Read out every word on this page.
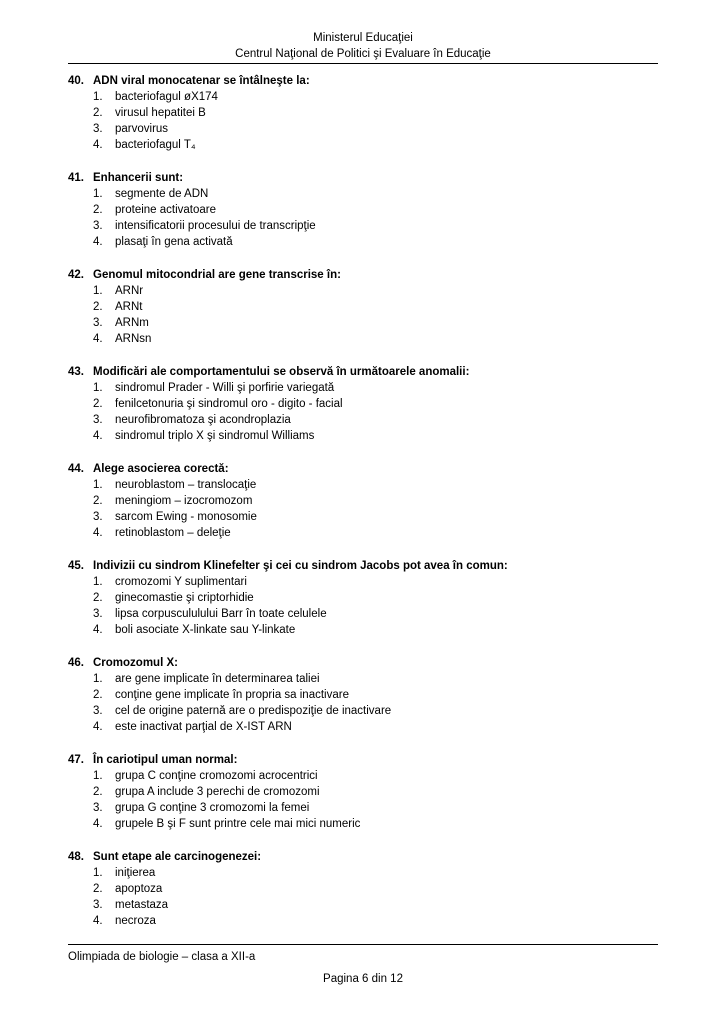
Ministerul Educaţiei
Centrul Naţional de Politici şi Evaluare în Educaţie
40. ADN viral monocatenar se întâlneşte la:
1.	bacteriofagul øX174
2.	virusul hepatitei B
3.	parvovirus
4.	bacteriofagul T₄
41. Enhancerii sunt:
1.	segmente de ADN
2.	proteine activatoare
3.	intensificatorii procesului de transcripţie
4.	plasaţi în gena activată
42. Genomul mitocondrial are gene transcrise în:
1.	ARNr
2.	ARNt
3.	ARNm
4.	ARNsn
43. Modificări ale comportamentului se observă în următoarele anomalii:
1.	sindromul Prader - Willi şi porfirie variegată
2.	fenilcetonuria şi sindromul oro - digito - facial
3.	neurofibromatoza şi acondroplazia
4.	sindromul triplo X şi sindromul Williams
44. Alege asocierea corectă:
1.	neuroblastom – translocaţie
2.	meningiom – izocromozom
3.	sarcom Ewing - monosomie
4.	retinoblastom – deleţie
45. Indivizii cu sindrom Klinefelter şi cei cu sindrom Jacobs pot avea în comun:
1.	cromozomi Y suplimentari
2.	ginecomastie şi criptorhidie
3.	lipsa corpuscululului Barr în toate celulele
4.	boli asociate X-linkate sau Y-linkate
46. Cromozomul X:
1.	are gene implicate în determinarea taliei
2.	conţine gene implicate în propria sa inactivare
3.	cel de origine paternă are o predispoziţie de inactivare
4.	este inactivat parţial de X-IST ARN
47. În cariotipul uman normal:
1.	grupa C conţine cromozomi acrocentrici
2.	grupa A include 3 perechi de cromozomi
3.	grupa G conţine 3 cromozomi la femei
4.	grupele B şi F sunt printre cele mai mici numeric
48. Sunt etape ale carcinogenezei:
1.	iniţierea
2.	apoptoza
3.	metastaza
4.	necroza
Olimpiada de biologie – clasa a XII-a
Pagina 6 din 12
